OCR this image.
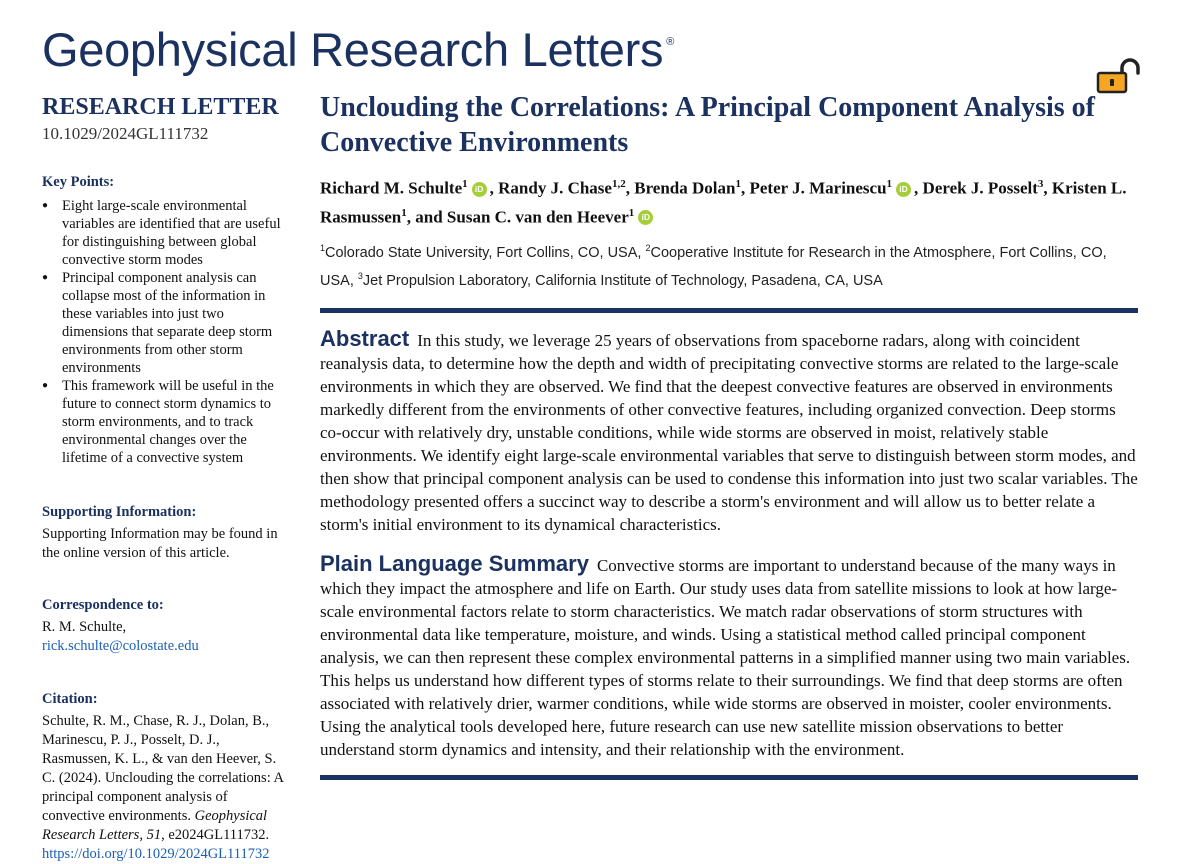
Geophysical Research Letters ®
RESEARCH LETTER
10.1029/2024GL111732
Key Points:
● Eight large-scale environmental variables are identified that are useful for distinguishing between global convective storm modes
● Principal component analysis can collapse most of the information in these variables into just two dimensions that separate deep storm environments from other storm environments
● This framework will be useful in the future to connect storm dynamics to storm environments, and to track environmental changes over the lifetime of a convective system
Supporting Information:
Supporting Information may be found in the online version of this article.
Correspondence to:
R. M. Schulte,
rick.schulte@colostate.edu
Citation:
Schulte, R. M., Chase, R. J., Dolan, B., Marinescu, P. J., Posselt, D. J., Rasmussen, K. L., & van den Heever, S. C. (2024). Unclouding the correlations: A principal component analysis of convective environments. Geophysical Research Letters, 51, e2024GL111732. https://doi.org/10.1029/2024GL111732
Unclouding the Correlations: A Principal Component Analysis of Convective Environments
Richard M. Schulte$^1$ iD , Randy J. Chase$^{1,2}$, Brenda Dolan$^1$, Peter J. Marinescu$^1$ iD , Derek J. Posselt$^3$, Kristen L. Rasmussen$^1$, and Susan C. van den Heever$^1$ iD
$^1$Colorado State University, Fort Collins, CO, USA, $^2$Cooperative Institute for Research in the Atmosphere, Fort Collins, CO, USA, $^3$Jet Propulsion Laboratory, California Institute of Technology, Pasadena, CA, USA
Abstract In this study, we leverage 25 years of observations from spaceborne radars, along with coincident reanalysis data, to determine how the depth and width of precipitating convective storms are related to the large-scale environments in which they are observed. We find that the deepest convective features are observed in environments markedly different from the environments of other convective features, including organized convection. Deep storms co-occur with relatively dry, unstable conditions, while wide storms are observed in moist, relatively stable environments. We identify eight large-scale environmental variables that serve to distinguish between storm modes, and then show that principal component analysis can be used to condense this information into just two scalar variables. The methodology presented offers a succinct way to describe a storm's environment and will allow us to better relate a storm's initial environment to its dynamical characteristics.
Plain Language Summary Convective storms are important to understand because of the many ways in which they impact the atmosphere and life on Earth. Our study uses data from satellite missions to look at how large-scale environmental factors relate to storm characteristics. We match radar observations of storm structures with environmental data like temperature, moisture, and winds. Using a statistical method called principal component analysis, we can then represent these complex environmental patterns in a simplified manner using two main variables. This helps us understand how different types of storms relate to their surroundings. We find that deep storms are often associated with relatively drier, warmer conditions, while wide storms are observed in moister, cooler environments. Using the analytical tools developed here, future research can use new satellite mission observations to better understand storm dynamics and intensity, and their relationship with the environment.
